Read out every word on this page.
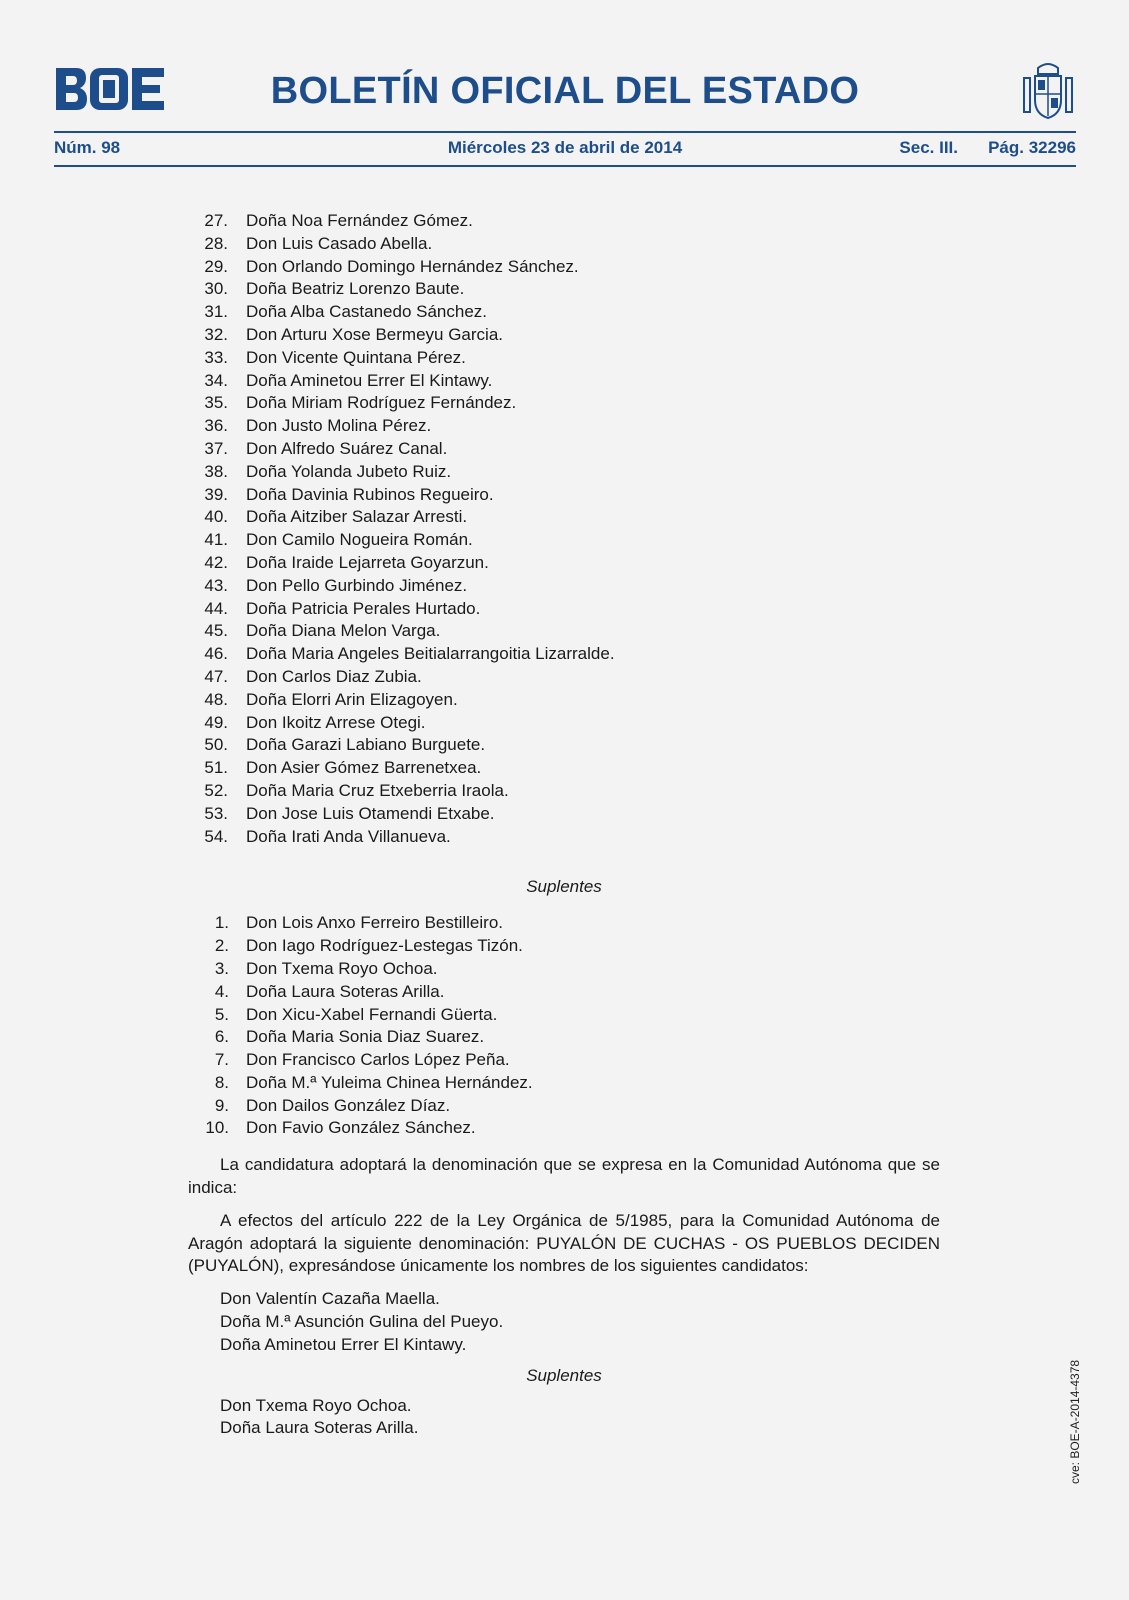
BOLETÍN OFICIAL DEL ESTADO
Núm. 98	Miércoles 23 de abril de 2014	Sec. III. Pág. 32296
27. Doña Noa Fernández Gómez.
28. Don Luis Casado Abella.
29. Don Orlando Domingo Hernández Sánchez.
30. Doña Beatriz Lorenzo Baute.
31. Doña Alba Castanedo Sánchez.
32. Don Arturu Xose Bermeyu Garcia.
33. Don Vicente Quintana Pérez.
34. Doña Aminetou Errer El Kintawy.
35. Doña Miriam Rodríguez Fernández.
36. Don Justo Molina Pérez.
37. Don Alfredo Suárez Canal.
38. Doña Yolanda Jubeto Ruiz.
39. Doña Davinia Rubinos Regueiro.
40. Doña Aitziber Salazar Arresti.
41. Don Camilo Nogueira Román.
42. Doña Iraide Lejarreta Goyarzun.
43. Don Pello Gurbindo Jiménez.
44. Doña Patricia Perales Hurtado.
45. Doña Diana Melon Varga.
46. Doña Maria Angeles Beitialarrangoitia Lizarralde.
47. Don Carlos Diaz Zubia.
48. Doña Elorri Arin Elizagoyen.
49. Don Ikoitz Arrese Otegi.
50. Doña Garazi Labiano Burguete.
51. Don Asier Gómez Barrenetxea.
52. Doña Maria Cruz Etxeberria Iraola.
53. Don Jose Luis Otamendi Etxabe.
54. Doña Irati Anda Villanueva.

Suplentes

1. Don Lois Anxo Ferreiro Bestilleiro.
2. Don Iago Rodríguez-Lestegas Tizón.
3. Don Txema Royo Ochoa.
4. Doña Laura Soteras Arilla.
5. Don Xicu-Xabel Fernandi Güerta.
6. Doña Maria Sonia Diaz Suarez.
7. Don Francisco Carlos López Peña.
8. Doña M.ª Yuleima Chinea Hernández.
9. Don Dailos González Díaz.
10. Don Favio González Sánchez.

La candidatura adoptará la denominación que se expresa en la Comunidad Autónoma que se indica:

A efectos del artículo 222 de la Ley Orgánica de 5/1985, para la Comunidad Autónoma de Aragón adoptará la siguiente denominación: PUYALÓN DE CUCHAS - OS PUEBLOS DECIDEN (PUYALÓN), expresándose únicamente los nombres de los siguientes candidatos:

Don Valentín Cazaña Maella.
Doña M.ª Asunción Gulina del Pueyo.
Doña Aminetou Errer El Kintawy.

Suplentes

Don Txema Royo Ochoa.
Doña Laura Soteras Arilla.	cve: BOE-A-2014-4378
